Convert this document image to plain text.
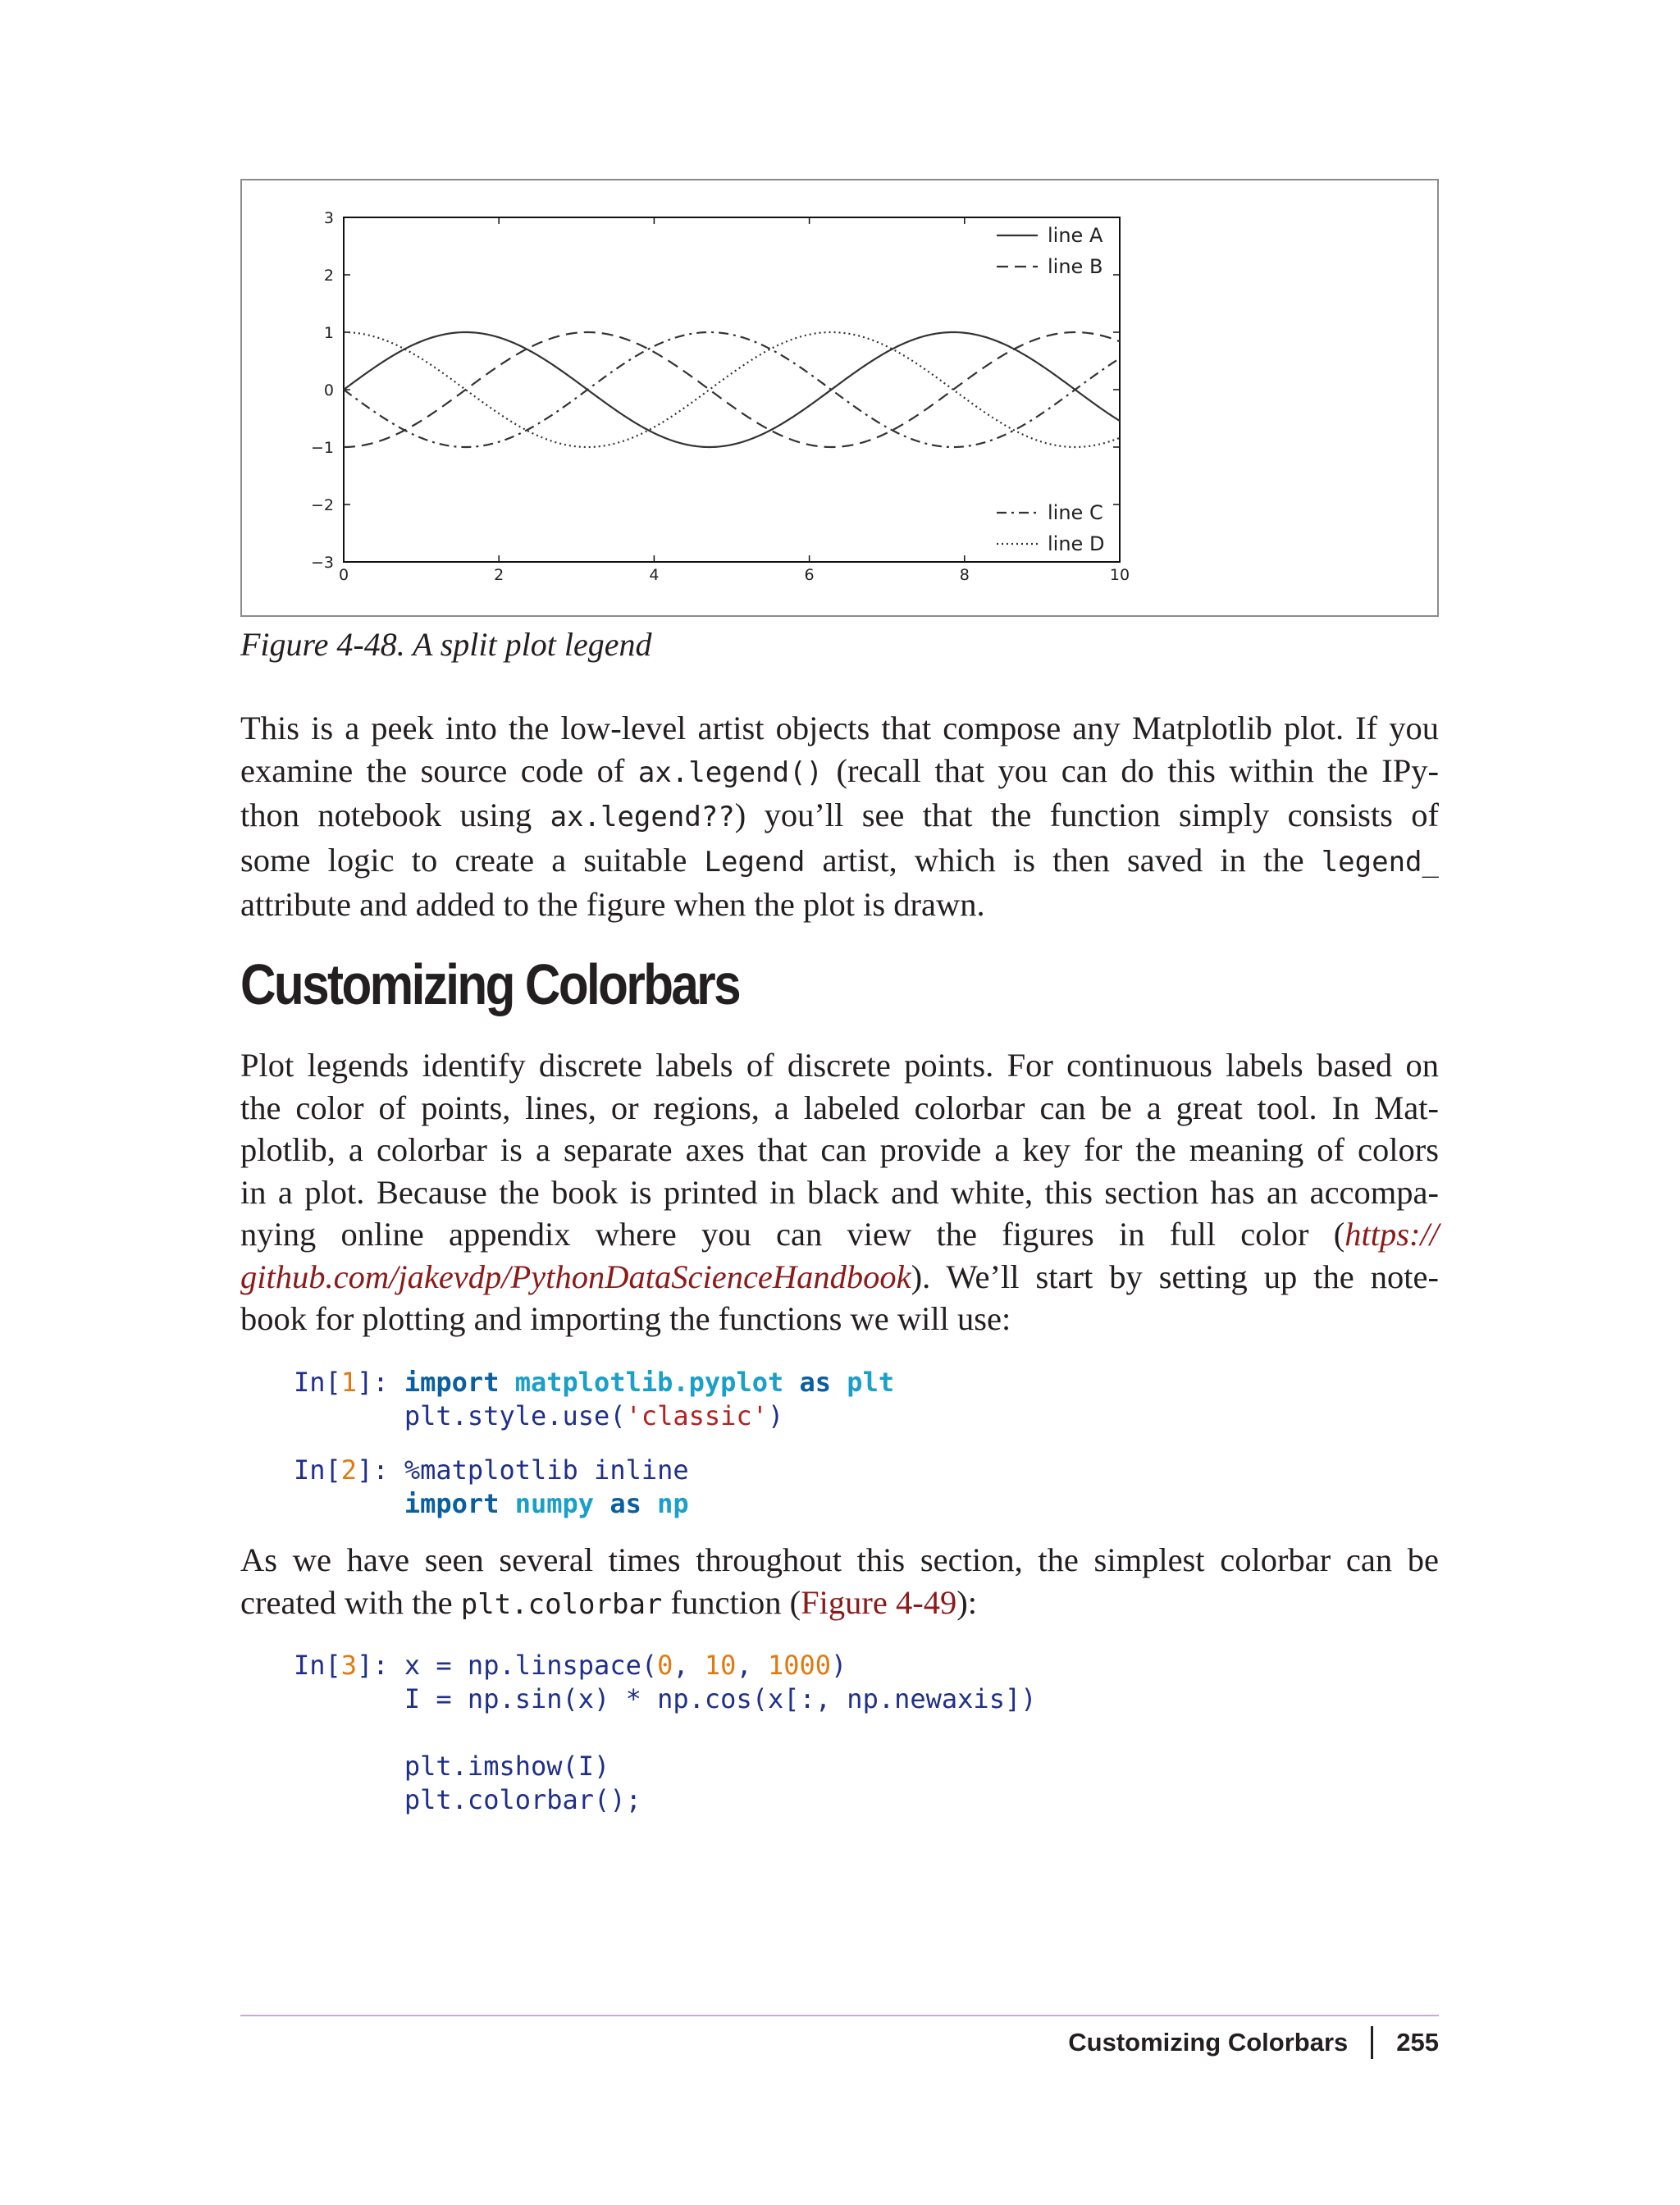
0	2	4	6	8	10
3
2
1
0
−1
−2
−3
line A
line B
line C
line D
Figure 4-48. A split plot legend

This is a peek into the low-level artist objects that compose any Matplotlib plot. If you
examine the source code of ax.legend() (recall that you can do this within the IPy-
thon notebook using ax.legend??) you’ll see that the function simply consists of
some logic to create a suitable Legend artist, which is then saved in the legend_
attribute and added to the figure when the plot is drawn.

Customizing Colorbars

Plot legends identify discrete labels of discrete points. For continuous labels based on
the color of points, lines, or regions, a labeled colorbar can be a great tool. In Mat-
plotlib, a colorbar is a separate axes that can provide a key for the meaning of colors
in a plot. Because the book is printed in black and white, this section has an accompa-
nying online appendix where you can view the figures in full color (https://
github.com/jakevdp/PythonDataScienceHandbook). We’ll start by setting up the note-
book for plotting and importing the functions we will use:

In[1]: import matplotlib.pyplot as plt
plt.style.use('classic')
In[2]: %matplotlib inline
import numpy as np

As we have seen several times throughout this section, the simplest colorbar can be
created with the plt.colorbar function (Figure 4-49):

In[3]: x = np.linspace(0, 10, 1000)
I = np.sin(x) * np.cos(x[:, np.newaxis])

plt.imshow(I)
plt.colorbar();
Customizing Colorbars 255
